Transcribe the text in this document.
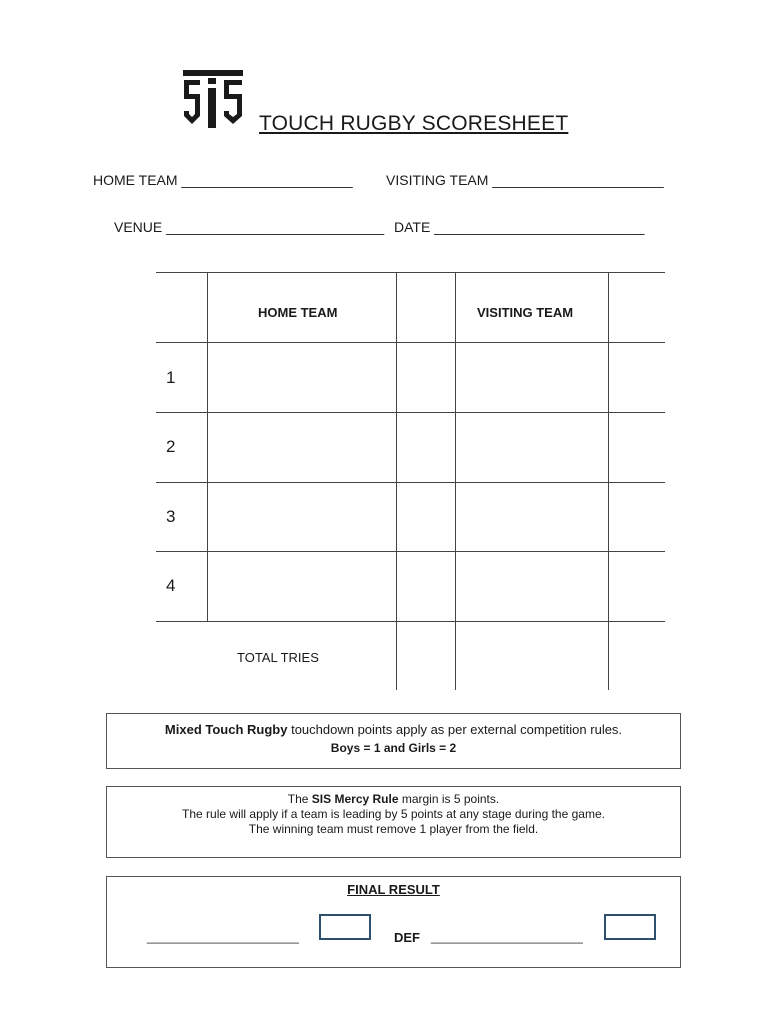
TOUCH RUGBY SCORESHEET
HOME TEAM ______________________ VISITING TEAM ______________________
VENUE ____________________________ DATE ___________________________
HOME TEAM	VISITING TEAM
1
2
3
4
TOTAL TRIES
Mixed Touch Rugby touchdown points apply as per external competition rules.
Boys = 1 and Girls = 2
The SIS Mercy Rule margin is 5 points.
The rule will apply if a team is leading by 5 points at any stage during the game.
The winning team must remove 1 player from the field.
FINAL RESULT
_____________________	DEF _____________________
